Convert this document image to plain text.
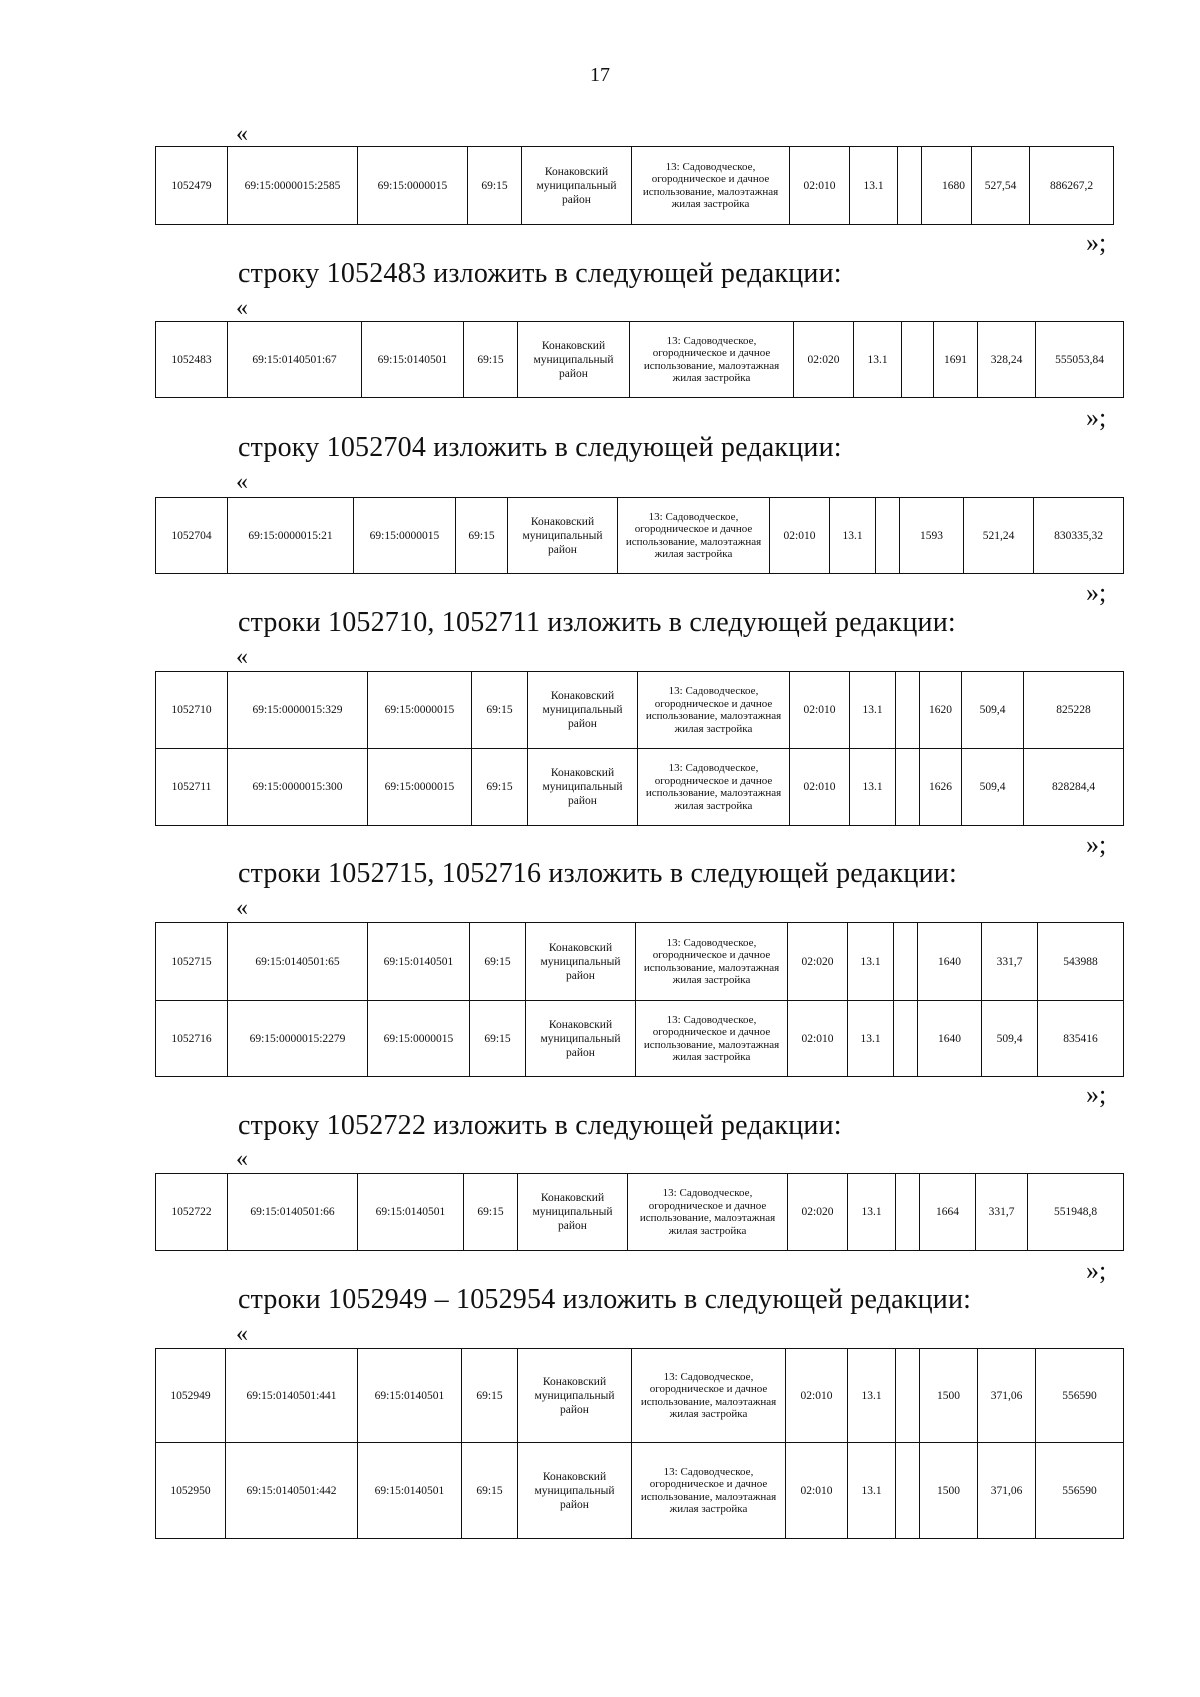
17
«
1052479	69:15:0000015:2585	69:15:0000015	69:15	Конаковский муниципальный район	13: Садоводческое, огородническое и дачное использование, малоэтажная жилая застройка	02:010	13.1		1680	527,54	886267,2
»;
строку 1052483 изложить в следующей редакции:
«
1052483	69:15:0140501:67	69:15:0140501	69:15	Конаковский муниципальный район	13: Садоводческое, огородническое и дачное использование, малоэтажная жилая застройка	02:020	13.1		1691	328,24	555053,84
»;
строку 1052704 изложить в следующей редакции:
«
1052704	69:15:0000015:21	69:15:0000015	69:15	Конаковский муниципальный район	13: Садоводческое, огородническое и дачное использование, малоэтажная жилая застройка	02:010	13.1		1593	521,24	830335,32
»;
строки 1052710, 1052711 изложить в следующей редакции:
«
1052710	69:15:0000015:329	69:15:0000015	69:15	Конаковский муниципальный район	13: Садоводческое, огородническое и дачное использование, малоэтажная жилая застройка	02:010	13.1		1620	509,4	825228
1052711	69:15:0000015:300	69:15:0000015	69:15	Конаковский муниципальный район	13: Садоводческое, огородническое и дачное использование, малоэтажная жилая застройка	02:010	13.1		1626	509,4	828284,4
»;
строки 1052715, 1052716 изложить в следующей редакции:
«
1052715	69:15:0140501:65	69:15:0140501	69:15	Конаковский муниципальный район	13: Садоводческое, огородническое и дачное использование, малоэтажная жилая застройка	02:020	13.1		1640	331,7	543988
1052716	69:15:0000015:2279	69:15:0000015	69:15	Конаковский муниципальный район	13: Садоводческое, огородническое и дачное использование, малоэтажная жилая застройка	02:010	13.1		1640	509,4	835416
»;
строку 1052722 изложить в следующей редакции:
«
1052722	69:15:0140501:66	69:15:0140501	69:15	Конаковский муниципальный район	13: Садоводческое, огородническое и дачное использование, малоэтажная жилая застройка	02:020	13.1		1664	331,7	551948,8
»;
строки 1052949 – 1052954 изложить в следующей редакции:
«
1052949	69:15:0140501:441	69:15:0140501	69:15	Конаковский муниципальный район	13: Садоводческое, огородническое и дачное использование, малоэтажная жилая застройка	02:010	13.1		1500	371,06	556590
1052950	69:15:0140501:442	69:15:0140501	69:15	Конаковский муниципальный район	13: Садоводческое, огородническое и дачное использование, малоэтажная жилая застройка	02:010	13.1		1500	371,06	556590
